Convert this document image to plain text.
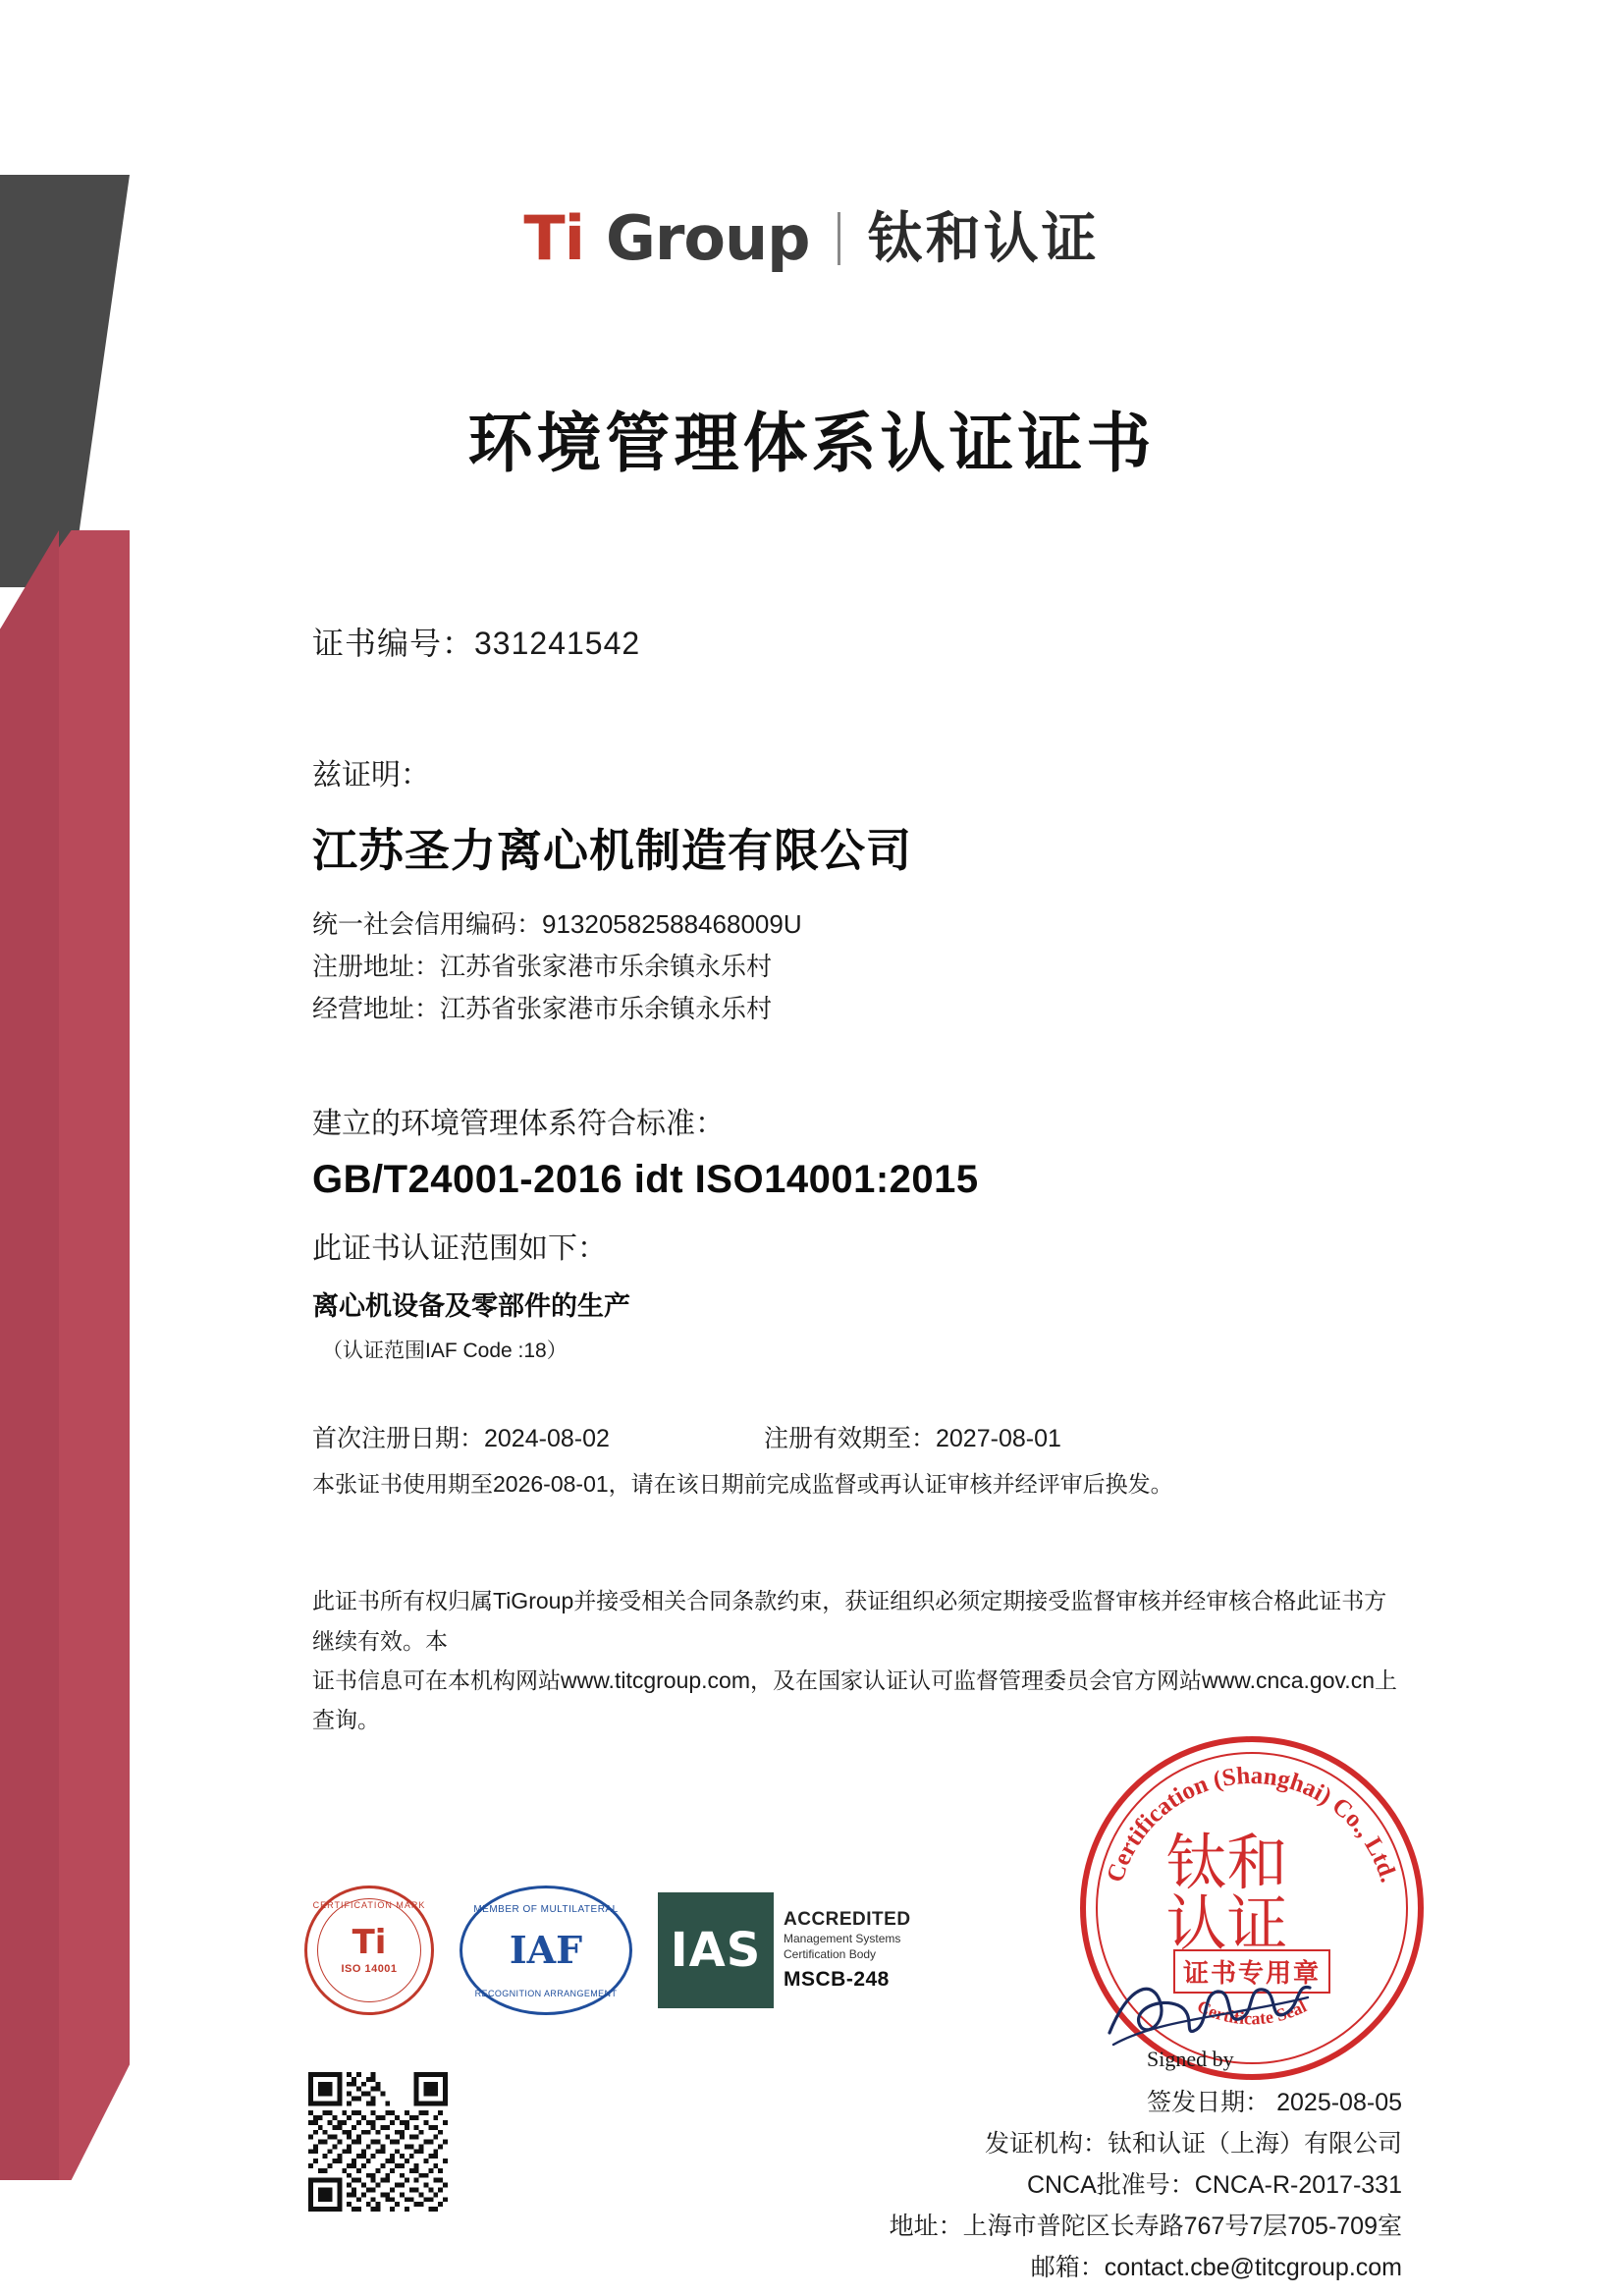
Ti Group 钛和认证
环境管理体系认证证书
证书编号：331241542
兹证明：
江苏圣力离心机制造有限公司
统一社会信用编码：91320582588468009U
注册地址：江苏省张家港市乐余镇永乐村
经营地址：江苏省张家港市乐余镇永乐村
建立的环境管理体系符合标准：
GB/T24001-2016 idt ISO14001:2015
此证书认证范围如下：
离心机设备及零部件的生产
（认证范围IAF Code :18）
首次注册日期：2024-08-02	注册有效期至：2027-08-01
本张证书使用期至2026-08-01，请在该日期前完成监督或再认证审核并经评审后换发。
此证书所有权归属TiGroup并接受相关合同条款约束，获证组织必须定期接受监督审核并经审核合格此证书方继续有效。本
证书信息可在本机构网站www.titcgroup.com，及在国家认证认可监督管理委员会官方网站www.cnca.gov.cn上查询。
CERTIFICATION MARK
Ti
ISO 14001
MEMBER OF MULTILATERAL
IAF
RECOGNITION ARRANGEMENT
IAS
ACCREDITED
Management Systems
Certification Body
MSCB-248
Certification (Shanghai) Co., Ltd.
Certificate Seal
钛和认证
证书专用章
Signed by
签发日期： 2025-08-05
发证机构：钛和认证（上海）有限公司
CNCA批准号：CNCA-R-2017-331
地址：上海市普陀区长寿路767号7层705-709室
邮箱：contact.cbe@titcgroup.com
